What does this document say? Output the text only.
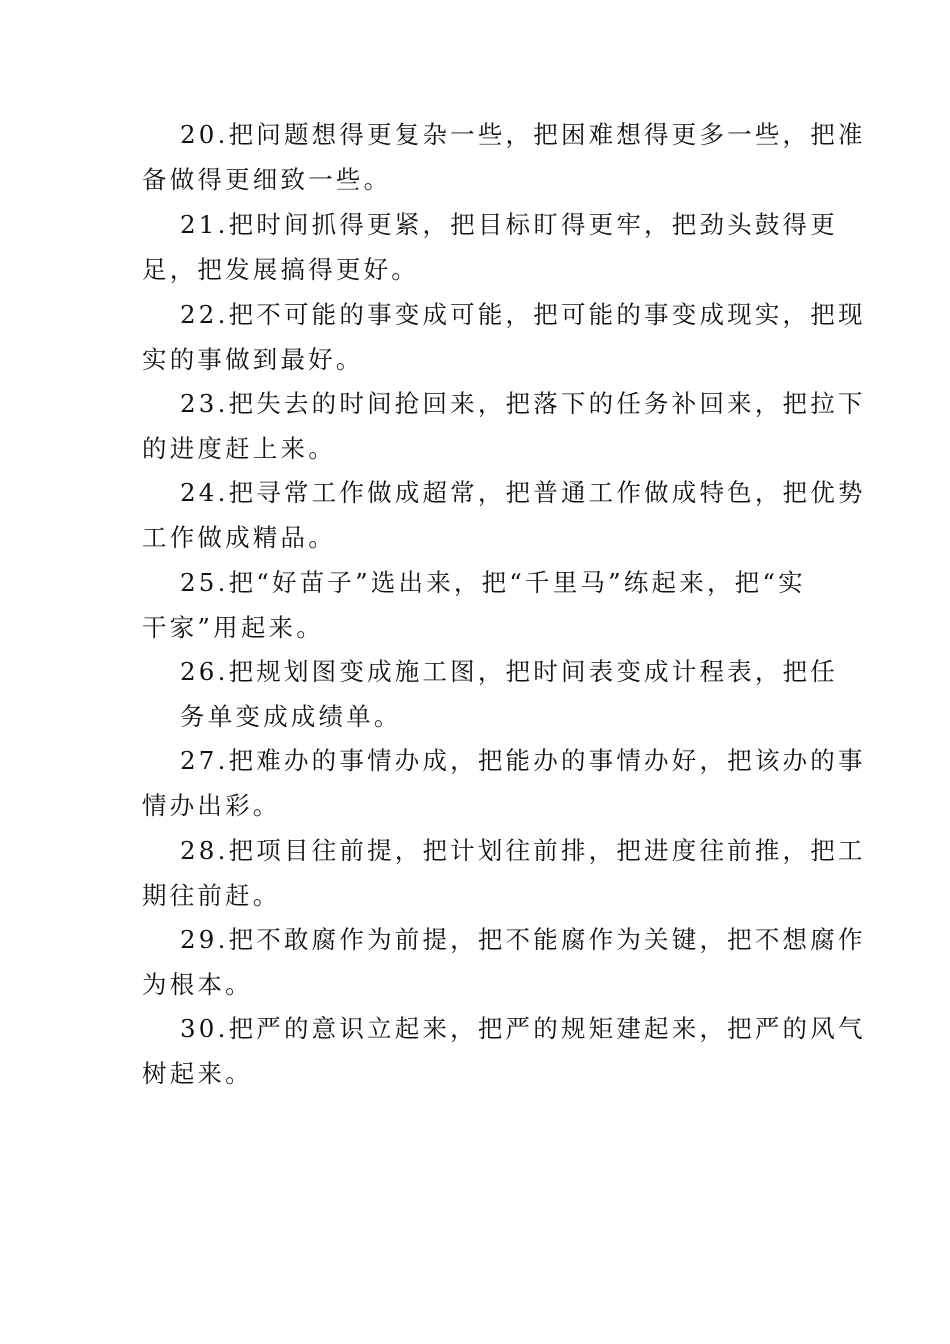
20.把问题想得更复杂一些，把困难想得更多一些，把准
备做得更细致一些。
21.把时间抓得更紧，把目标盯得更牢，把劲头鼓得更
足，把发展搞得更好。
22.把不可能的事变成可能，把可能的事变成现实，把现
实的事做到最好。
23.把失去的时间抢回来，把落下的任务补回来，把拉下
的进度赶上来。
24.把寻常工作做成超常，把普通工作做成特色，把优势
工作做成精品。
25.把“好苗子”选出来，把“千里马”练起来，把“实
干家”用起来。
26.把规划图变成施工图，把时间表变成计程表，把任
务单变成成绩单。
27.把难办的事情办成，把能办的事情办好，把该办的事
情办出彩。
28.把项目往前提，把计划往前排，把进度往前推，把工
期往前赶。
29.把不敢腐作为前提，把不能腐作为关键，把不想腐作
为根本。
30.把严的意识立起来，把严的规矩建起来，把严的风气
树起来。
